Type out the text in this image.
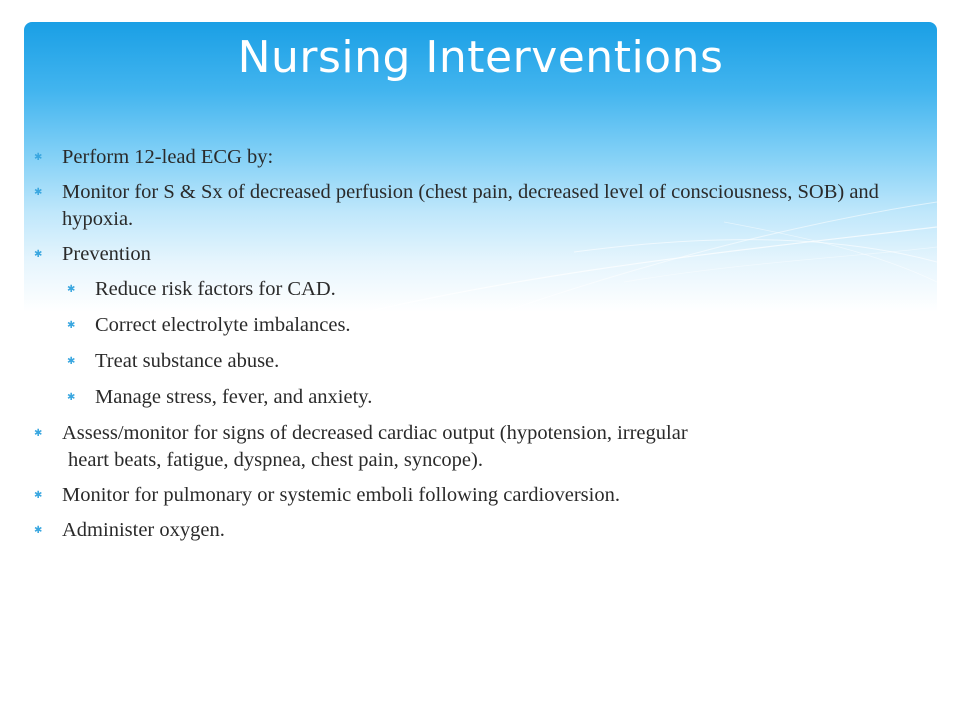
Nursing Interventions
✱ Perform 12-lead ECG by:
✱ Monitor for S & Sx of decreased perfusion (chest pain, decreased level of consciousness, SOB) and hypoxia.
✱ Prevention
✱ Reduce risk factors for CAD.
✱ Correct electrolyte imbalances.
✱ Treat substance abuse.
✱ Manage stress, fever, and anxiety.
✱ Assess/monitor for signs of decreased cardiac output (hypotension, irregular
heart beats, fatigue, dyspnea, chest pain, syncope).
✱ Monitor for pulmonary or systemic emboli following cardioversion.
✱ Administer oxygen.
